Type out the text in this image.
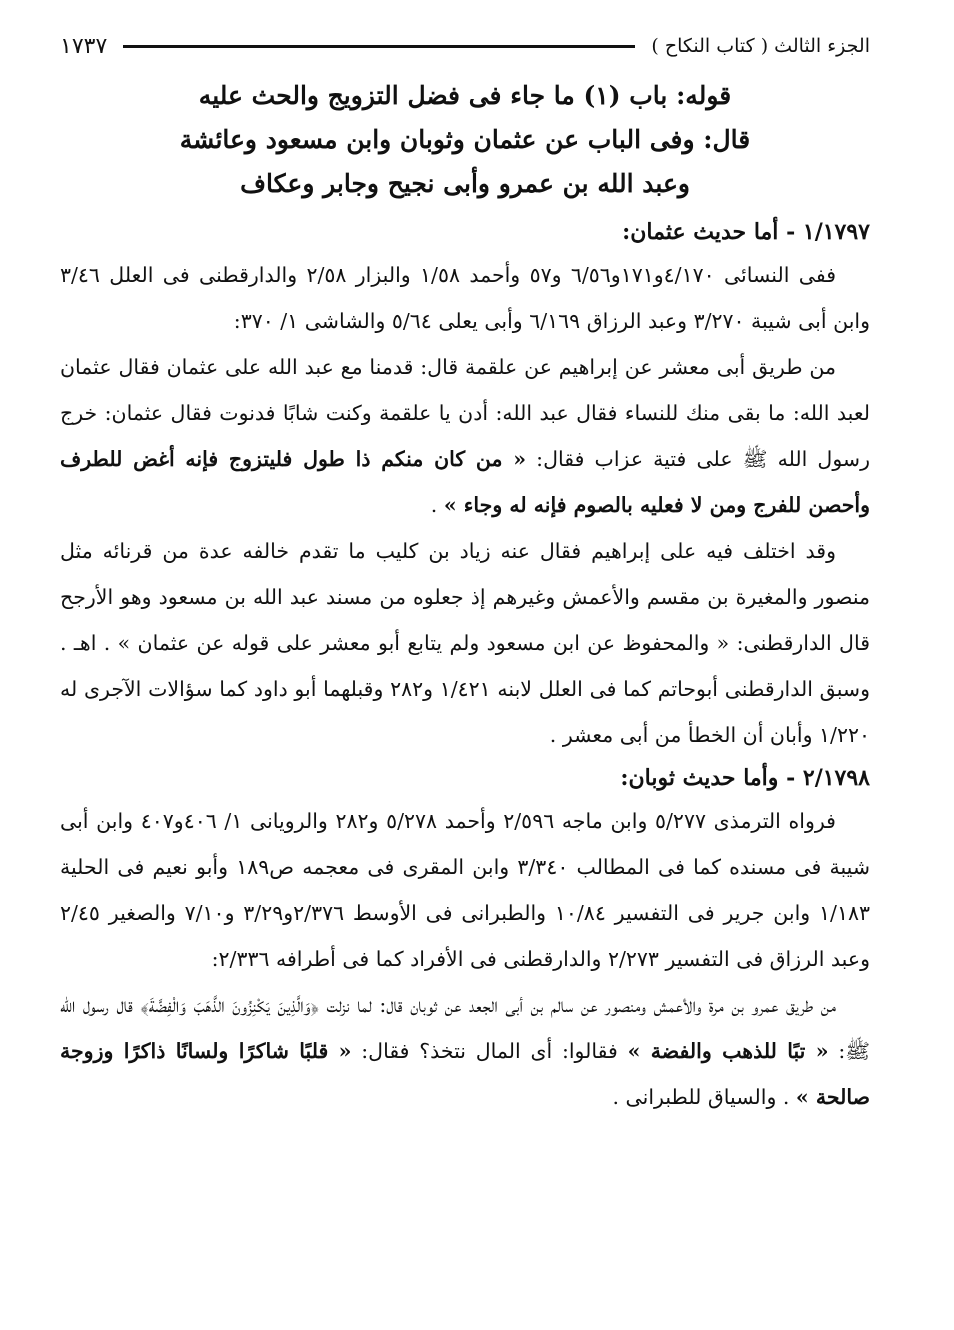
الجزء الثالث ( كتاب النكاح )
١٧٣٧
قوله: باب (١) ما جاء فى فضل التزويج والحث عليه
قال: وفى الباب عن عثمان وثوبان وابن مسعود وعائشة
وعبد الله بن عمرو وأبى نجيح وجابر وعكاف

١/١٧٩٧ - أما حديث عثمان:

ففى النسائى ٤/١٧٠و١٧١و٦/٥٦ و٥٧ وأحمد ١/٥٨ والبزار ٢/٥٨ والدارقطنى فى العلل ٣/٤٦ وابن أبى شيبة ٣/٢٧٠ وعبد الرزاق ٦/١٦٩ وأبى يعلى ٥/٦٤ والشاشى ١/ ٣٧٠:

من طريق أبى معشر عن إبراهيم عن علقمة قال: قدمنا مع عبد الله على عثمان فقال عثمان لعبد الله: ما بقى منك للنساء فقال عبد الله: أدن يا علقمة وكنت شابًا فدنوت فقال عثمان: خرج رسول الله ﷺ على فتية عزاب فقال: « من كان منكم ذا طول فليتزوج فإنه أغض للطرف وأحصن للفرج ومن لا فعليه بالصوم فإنه له وجاء » .

وقد اختلف فيه على إبراهيم فقال عنه زياد بن كليب ما تقدم خالفه عدة من قرنائه مثل منصور والمغيرة بن مقسم والأعمش وغيرهم إذ جعلوه من مسند عبد الله بن مسعود وهو الأرجح قال الدارقطنى: « والمحفوظ عن ابن مسعود ولم يتابع أبو معشر على قوله عن عثمان » . اهـ . وسبق الدارقطنى أبوحاتم كما فى العلل لابنه ١/٤٢١ و٢٨٢ وقبلهما أبو داود كما سؤالات الآجرى له ١/٢٢٠ وأبان أن الخطأ من أبى معشر .

٢/١٧٩٨ - وأما حديث ثوبان:

فرواه الترمذى ٥/٢٧٧ وابن ماجه ٢/٥٩٦ وأحمد ٥/٢٧٨ و٢٨٢ والرويانى ١/ ٤٠٦و٤٠٧ وابن أبى شيبة فى مسنده كما فى المطالب ٣/٣٤٠ وابن المقرى فى معجمه ص١٨٩ وأبو نعيم فى الحلية ١/١٨٣ وابن جرير فى التفسير ١٠/٨٤ والطبرانى فى الأوسط ٢/٣٧٦و٣/٢٩ و٧/١٠ والصغير ٢/٤٥ وعبد الرزاق فى التفسير ٢/٢٧٣ والدارقطنى فى الأفراد كما فى أطرافه ٢/٣٣٦:

من طريق عمرو بن مرة والأعمش ومنصور عن سالم بن أبى الجعد عن ثوبان قال: لما نزلت ﴿وَالَّذِينَ يَكْنِزُونَ الذَّهَبَ وَالْفِضَّةَ﴾ قال رسول الله ﷺ: « تبًا للذهب والفضة » فقالوا: أى المال نتخذ؟ فقال: « قلبًا شاكرًا ولسانًا ذاكرًا وزوجة صالحة » . والسياق للطبرانى .
